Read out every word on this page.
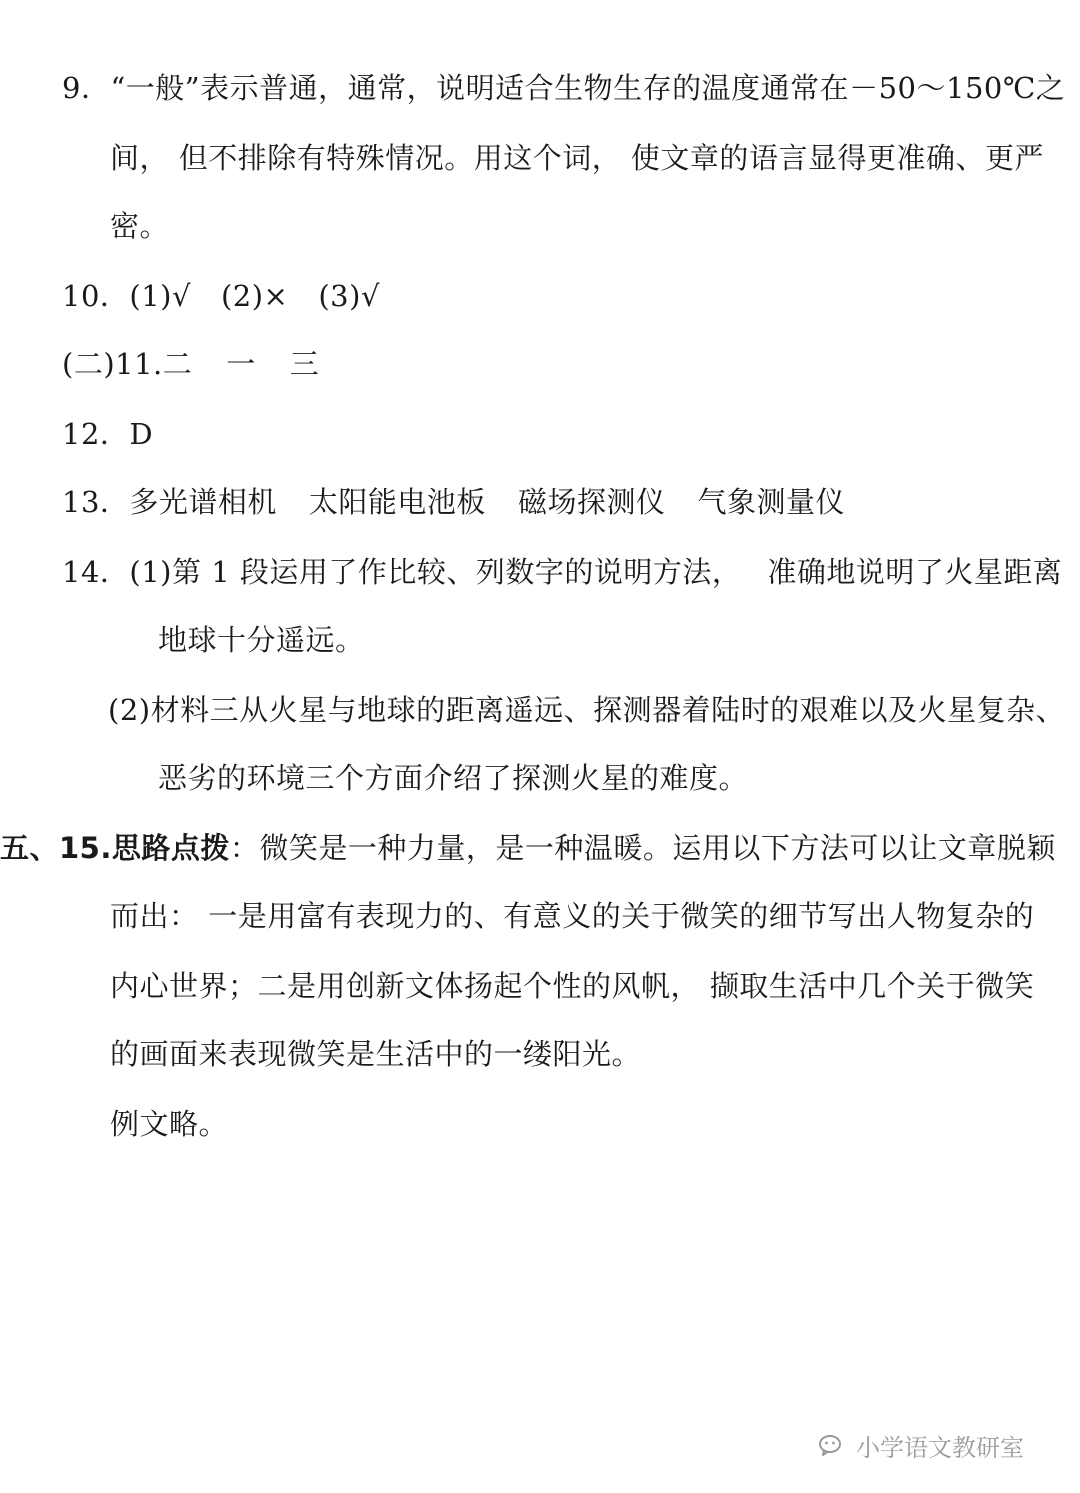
9．“一般”表示普通，通常，说明适合生物生存的温度通常在－50～150℃之
间， 但不排除有特殊情况。用这个词， 使文章的语言显得更准确、更严
密。
10．(1)√ (2)× (3)√
(二)11.二 一 三
12．D
13．多光谱相机 太阳能电池板 磁场探测仪 气象测量仪
14．(1)第 1 段运用了作比较、列数字的说明方法， 准确地说明了火星距离
地球十分遥远。
(2)材料三从火星与地球的距离遥远、探测器着陆时的艰难以及火星复杂、
恶劣的环境三个方面介绍了探测火星的难度。
五、15.思路点拨：微笑是一种力量，是一种温暖。运用以下方法可以让文章脱颖
而出： 一是用富有表现力的、有意义的关于微笑的细节写出人物复杂的
内心世界；二是用创新文体扬起个性的风帆， 撷取生活中几个关于微笑
的画面来表现微笑是生活中的一缕阳光。
例文略。
小学语文教研室
